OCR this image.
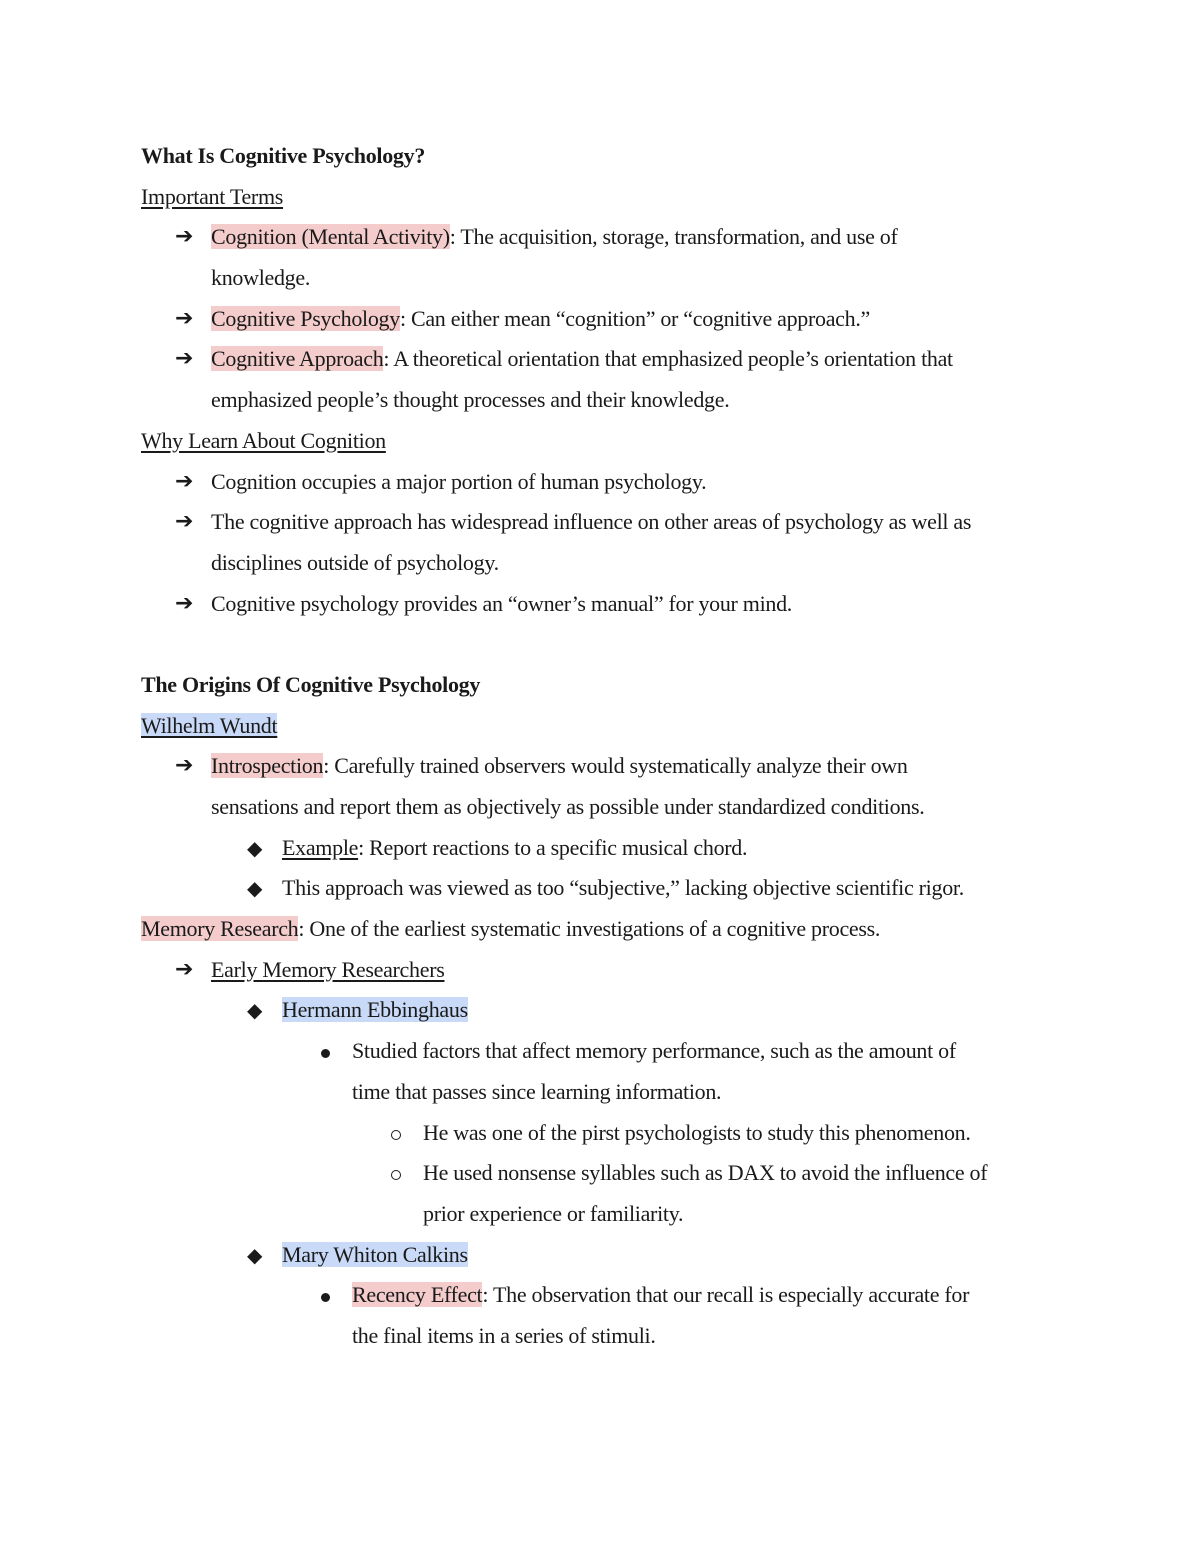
What Is Cognitive Psychology?
Important Terms
➔ Cognition (Mental Activity): The acquisition, storage, transformation, and use of
knowledge.
➔ Cognitive Psychology: Can either mean “cognition” or “cognitive approach.”
➔ Cognitive Approach: A theoretical orientation that emphasized people’s orientation that
emphasized people’s thought processes and their knowledge.
Why Learn About Cognition
➔ Cognition occupies a major portion of human psychology.
➔ The cognitive approach has widespread influence on other areas of psychology as well as
disciplines outside of psychology.
➔ Cognitive psychology provides an “owner’s manual” for your mind.
The Origins Of Cognitive Psychology
Wilhelm Wundt
➔ Introspection: Carefully trained observers would systematically analyze their own
sensations and report them as objectively as possible under standardized conditions.
◆ Example: Report reactions to a specific musical chord.
◆ This approach was viewed as too “subjective,” lacking objective scientific rigor.
Memory Research: One of the earliest systematic investigations of a cognitive process.
➔ Early Memory Researchers
◆ Hermann Ebbinghaus
Studied factors that affect memory performance, such as the amount of
time that passes since learning information.
He was one of the pirst psychologists to study this phenomenon.
He used nonsense syllables such as DAX to avoid the influence of
prior experience or familiarity.
◆ Mary Whiton Calkins
Recency Effect: The observation that our recall is especially accurate for
the final items in a series of stimuli.
